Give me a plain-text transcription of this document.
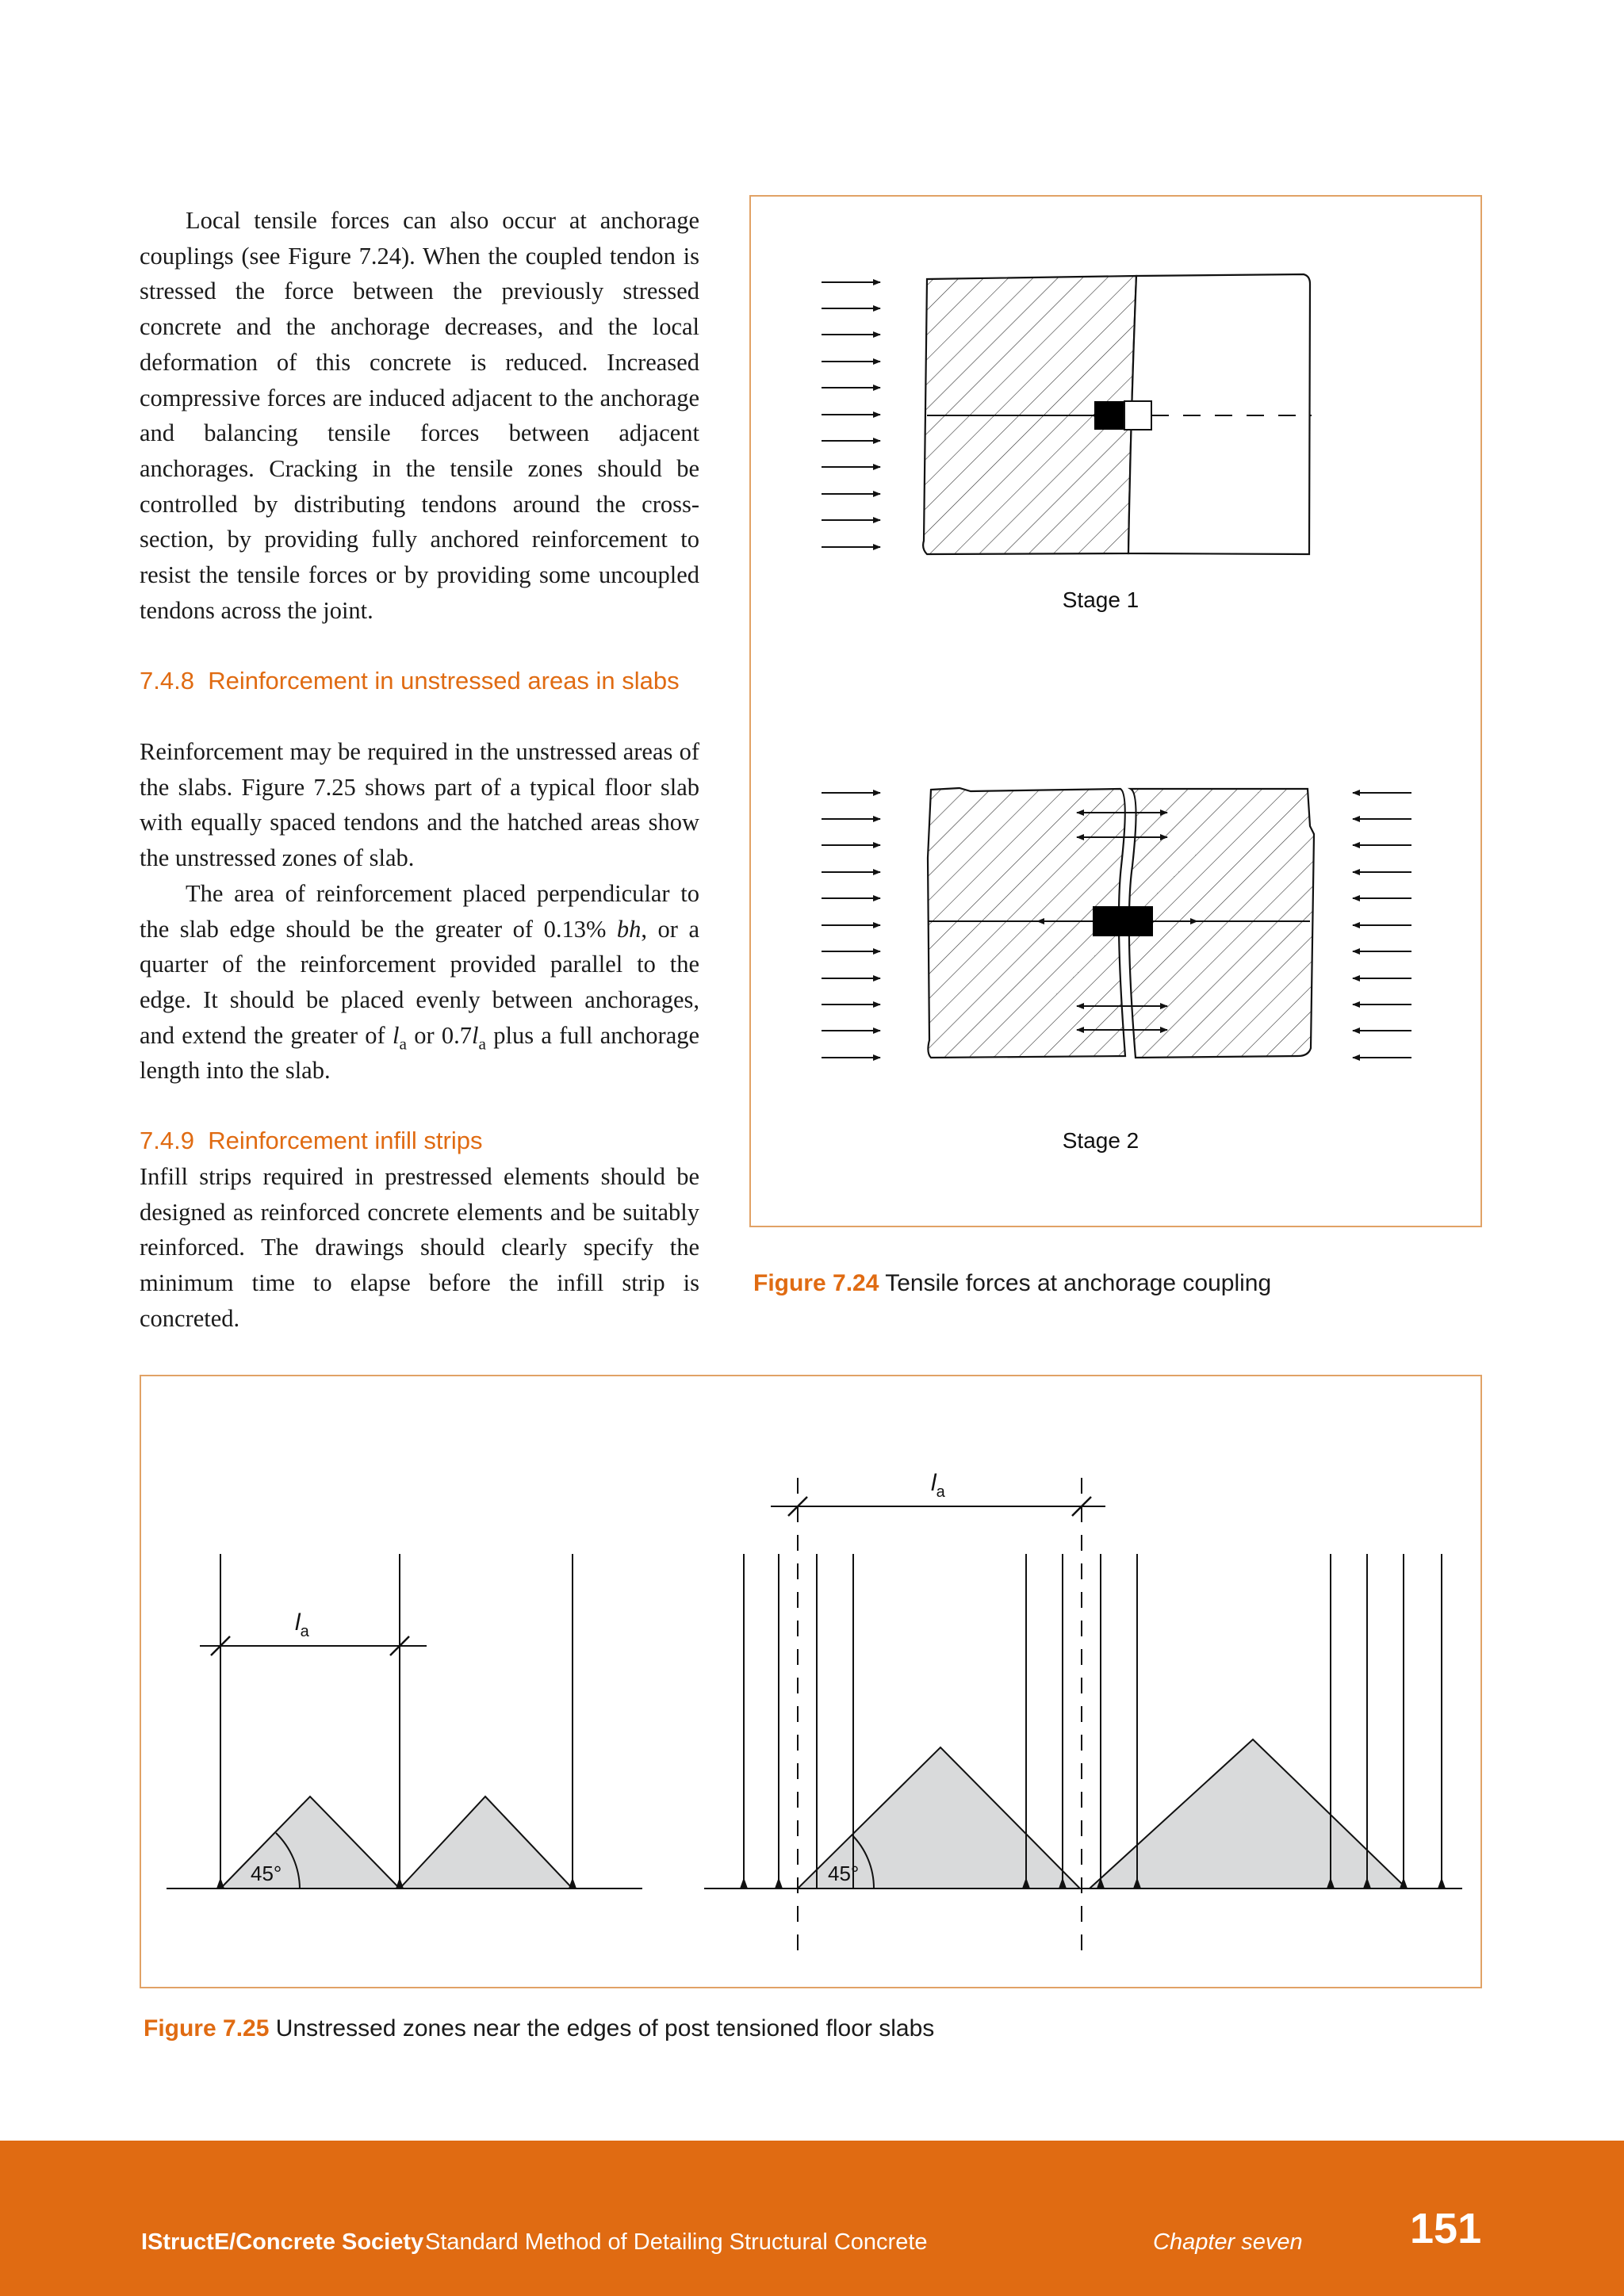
Local tensile forces can also occur at anchorage couplings (see Figure 7.24). When the coupled tendon is stressed the force between the previously stressed concrete and the anchorage decreases, and the local deformation of this concrete is reduced. Increased compressive forces are induced adjacent to the anchorage and balancing tensile forces between adjacent anchorages. Cracking in the tensile zones should be controlled by distributing tendons around the cross-section, by providing fully anchored reinforcement to resist the tensile forces or by providing some uncoupled tendons across the joint.

7.4.8 Reinforcement in unstressed areas in slabs

Reinforcement may be required in the unstressed areas of the slabs. Figure 7.25 shows part of a typical floor slab with equally spaced tendons and the hatched areas show the unstressed zones of slab.

The area of reinforcement placed perpendicular to the slab edge should be the greater of 0.13% bh, or a quarter of the reinforcement provided parallel to the edge. It should be placed evenly between anchorages, and extend the greater of $l_a$ or $0.7l_a$ plus a full anchorage length into the slab.

7.4.9 Reinforcement infill strips

Infill strips required in prestressed elements should be designed as reinforced concrete elements and be suitably reinforced. The drawings should clearly specify the minimum time to elapse before the infill strip is concreted.

Stage 1
Stage 2
Figure 7.24 Tensile forces at anchorage coupling
$l_a$
45°
$l_a$
45°
Figure 7.25 Unstressed zones near the edges of post tensioned floor slabs
IStructE/Concrete Society Standard Method of Detailing Structural Concrete	Chapter seven	151
